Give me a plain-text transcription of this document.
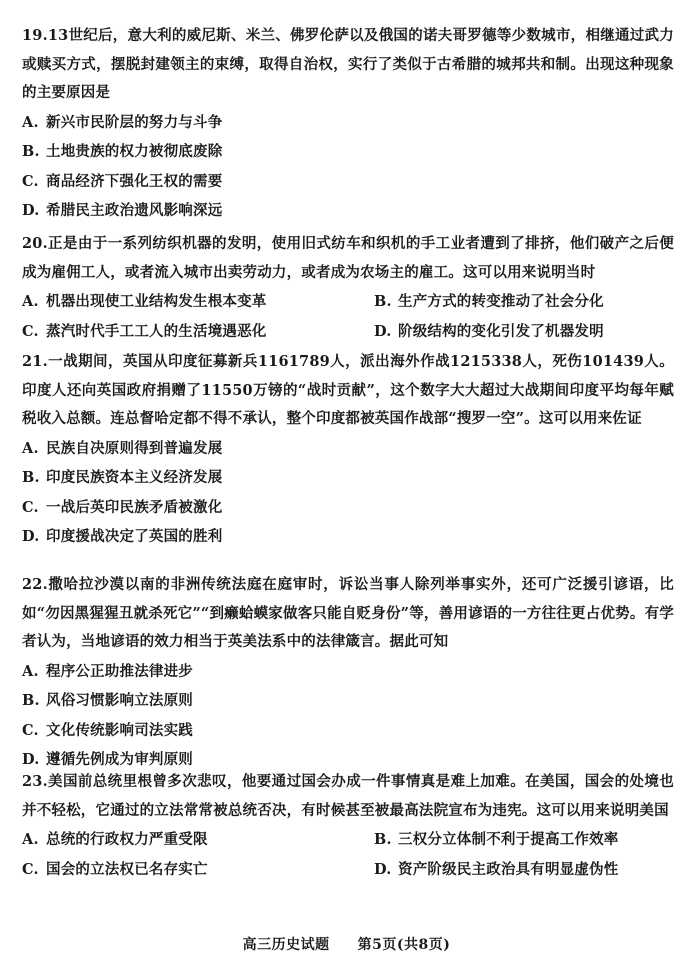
19.13世纪后，意大利的威尼斯、米兰、佛罗伦萨以及俄国的诺夫哥罗德等少数城市，相继通过武力或赎买方式，摆脱封建领主的束缚，取得自治权，实行了类似于古希腊的城邦共和制。出现这种现象的主要原因是

A. 新兴市民阶层的努力与斗争
B. 土地贵族的权力被彻底废除
C. 商品经济下强化王权的需要
D. 希腊民主政治遗风影响深远

20.正是由于一系列纺织机器的发明，使用旧式纺车和织机的手工业者遭到了排挤，他们破产之后便成为雇佣工人，或者流入城市出卖劳动力，或者成为农场主的雇工。这可以用来说明当时

A. 机器出现使工业结构发生根本变革	B. 生产方式的转变推动了社会分化
C. 蒸汽时代手工工人的生活境遇恶化	D. 阶级结构的变化引发了机器发明

21.一战期间，英国从印度征募新兵1161789人，派出海外作战1215338人，死伤101439人。印度人还向英国政府捐赠了11550万镑的“战时贡献”，这个数字大大超过大战期间印度平均每年赋税收入总额。连总督哈定都不得不承认，整个印度都被英国作战部“搜罗一空”。这可以用来佐证

A. 民族自决原则得到普遍发展
B. 印度民族资本主义经济发展
C. 一战后英印民族矛盾被激化
D. 印度援战决定了英国的胜利

22.撒哈拉沙漠以南的非洲传统法庭在庭审时，诉讼当事人除列举事实外，还可广泛援引谚语，比如“勿因黑猩猩丑就杀死它”“到癞蛤蟆家做客只能自贬身份”等，善用谚语的一方往往更占优势。有学者认为，当地谚语的效力相当于英美法系中的法律箴言。据此可知

A. 程序公正助推法律进步
B. 风俗习惯影响立法原则
C. 文化传统影响司法实践
D. 遵循先例成为审判原则

23.美国前总统里根曾多次悲叹，他要通过国会办成一件事情真是难上加难。在美国，国会的处境也并不轻松，它通过的立法常常被总统否决，有时候甚至被最高法院宣布为违宪。这可以用来说明美国

A. 总统的行政权力严重受限	B. 三权分立体制不利于提高工作效率
C. 国会的立法权已名存实亡	D. 资产阶级民主政治具有明显虚伪性
高三历史试题 第5页(共8页)
